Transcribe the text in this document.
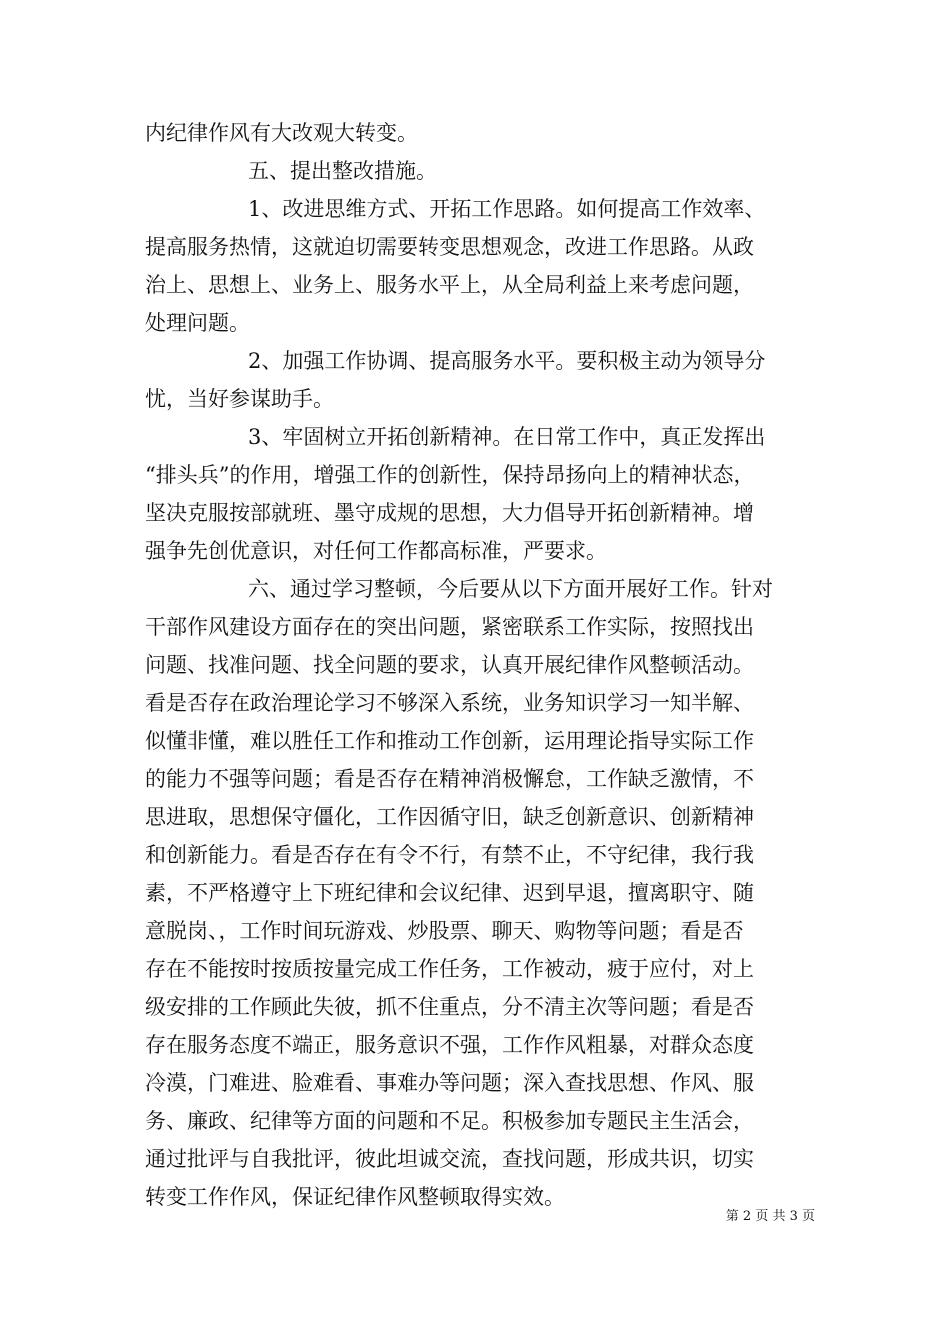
内纪律作风有大改观大转变。
五、提出整改措施。
1、改进思维方式、开拓工作思路。如何提高工作效率、
提高服务热情，这就迫切需要转变思想观念，改进工作思路。从政
治上、思想上、业务上、服务水平上，从全局利益上来考虑问题，
处理问题。
2、加强工作协调、提高服务水平。要积极主动为领导分
忧，当好参谋助手。
3、牢固树立开拓创新精神。在日常工作中，真正发挥出
“排头兵”的作用，增强工作的创新性，保持昂扬向上的精神状态，
坚决克服按部就班、墨守成规的思想，大力倡导开拓创新精神。增
强争先创优意识，对任何工作都高标准，严要求。
六、通过学习整顿，今后要从以下方面开展好工作。针对
干部作风建设方面存在的突出问题，紧密联系工作实际，按照找出
问题、找准问题、找全问题的要求，认真开展纪律作风整顿活动。
看是否存在政治理论学习不够深入系统，业务知识学习一知半解、
似懂非懂，难以胜任工作和推动工作创新，运用理论指导实际工作
的能力不强等问题；看是否存在精神消极懈怠，工作缺乏激情，不
思进取，思想保守僵化，工作因循守旧，缺乏创新意识、创新精神
和创新能力。看是否存在有令不行，有禁不止，不守纪律，我行我
素，不严格遵守上下班纪律和会议纪律、迟到早退，擅离职守、随
意脱岗、，工作时间玩游戏、炒股票、聊天、购物等问题；看是否
存在不能按时按质按量完成工作任务，工作被动，疲于应付，对上
级安排的工作顾此失彼，抓不住重点，分不清主次等问题；看是否
存在服务态度不端正，服务意识不强，工作作风粗暴，对群众态度
冷漠，门难进、脸难看、事难办等问题；深入查找思想、作风、服
务、廉政、纪律等方面的问题和不足。积极参加专题民主生活会，
通过批评与自我批评，彼此坦诚交流，查找问题，形成共识，切实
转变工作作风，保证纪律作风整顿取得实效。
第 2 页 共 3 页
